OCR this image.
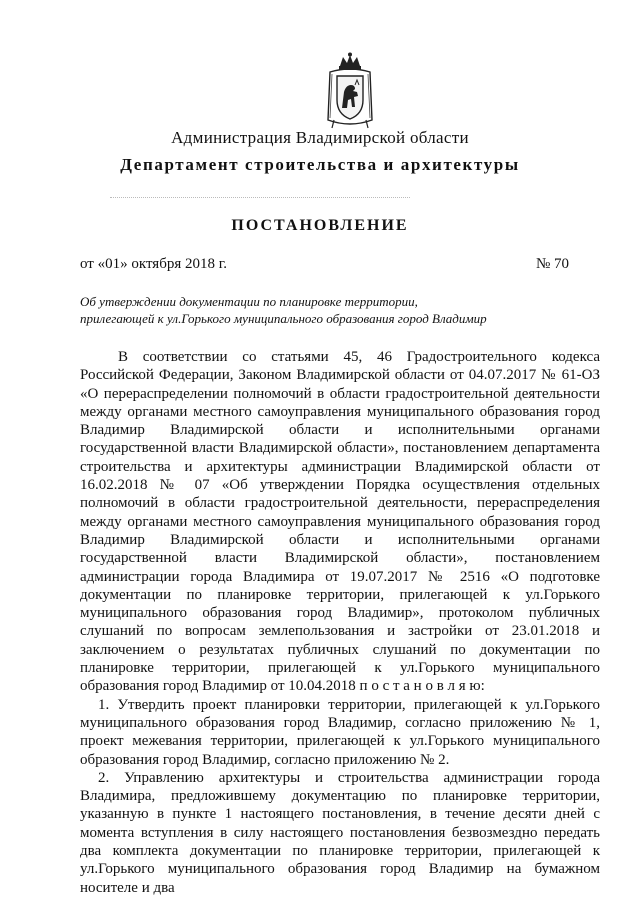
Администрация Владимирской области
Департамент строительства и архитектуры
ПОСТАНОВЛЕНИЕ
от «01» октября 2018 г.	№ 70
Об утверждении документации по планировке территории,
прилегающей к ул.Горького муниципального образования город Владимир

В соответствии со статьями 45, 46 Градостроительного кодекса Российской Федерации, Законом Владимирской области от 04.07.2017 № 61-ОЗ «О перераспределении полномочий в области градостроительной деятельности между органами местного самоуправления муниципального образования город Владимир Владимирской области и исполнительными органами государственной власти Владимирской области», постановлением департамента строительства и архитектуры администрации Владимирской области от 16.02.2018 № 07 «Об утверждении Порядка осуществления отдельных полномочий в области градостроительной деятельности, перераспределения между органами местного самоуправления муниципального образования город Владимир Владимирской области и исполнительными органами государственной власти Владимирской области», постановлением администрации города Владимира от 19.07.2017 № 2516 «О подготовке документации по планировке территории, прилегающей к ул.Горького муниципального образования город Владимир», протоколом публичных слушаний по вопросам землепользования и застройки от 23.01.2018 и заключением о результатах публичных слушаний по документации по планировке территории, прилегающей к ул.Горького муниципального образования город Владимир от 10.04.2018 п о с т а н о в л я ю:

1. Утвердить проект планировки территории, прилегающей к ул.Горького муниципального образования город Владимир, согласно приложению № 1, проект межевания территории, прилегающей к ул.Горького муниципального образования город Владимир, согласно приложению № 2.

2. Управлению архитектуры и строительства администрации города Владимира, предложившему документацию по планировке территории, указанную в пункте 1 настоящего постановления, в течение десяти дней с момента вступления в силу настоящего постановления безвозмездно передать два комплекта документации по планировке территории, прилегающей к ул.Горького муниципального образования город Владимир на бумажном носителе и два
